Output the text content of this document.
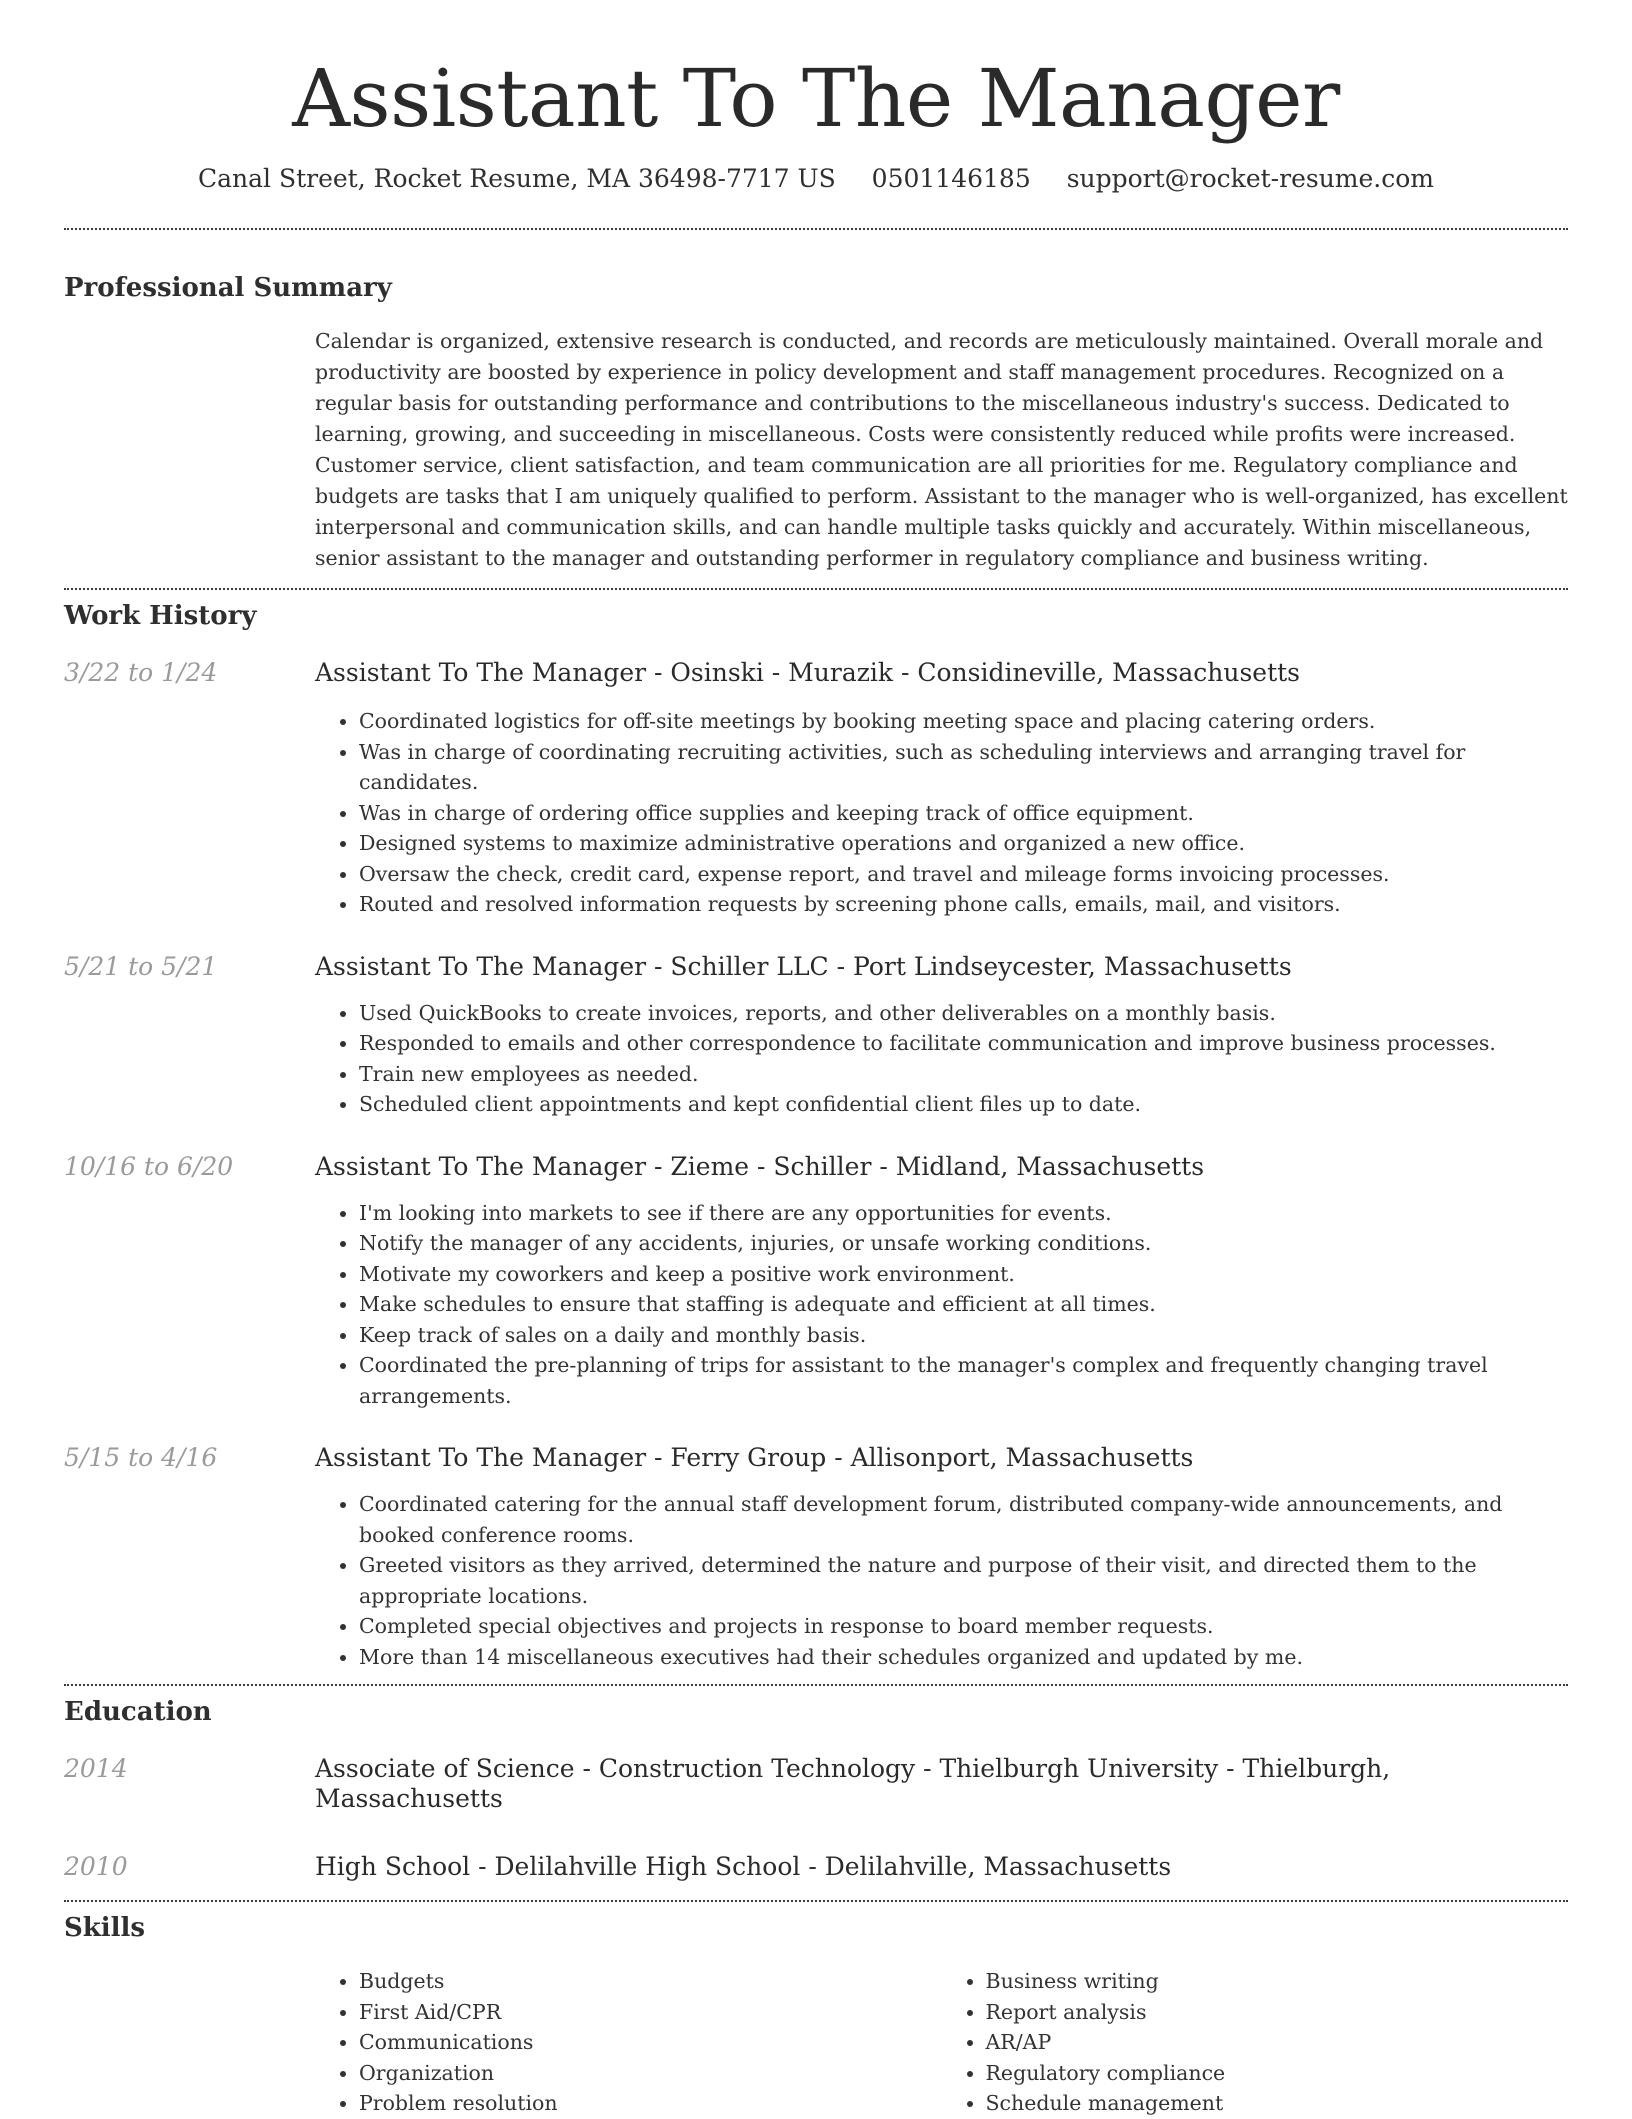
Assistant To The Manager
Canal Street, Rocket Resume, MA 36498-7717 US 0501146185 support@rocket-resume.com
Professional Summary

Calendar is organized, extensive research is conducted, and records are meticulously maintained. Overall morale and productivity are boosted by experience in policy development and staff management procedures. Recognized on a regular basis for outstanding performance and contributions to the miscellaneous industry's success. Dedicated to learning, growing, and succeeding in miscellaneous. Costs were consistently reduced while profits were increased. Customer service, client satisfaction, and team communication are all priorities for me. Regulatory compliance and budgets are tasks that I am uniquely qualified to perform. Assistant to the manager who is well-organized, has excellent interpersonal and communication skills, and can handle multiple tasks quickly and accurately. Within miscellaneous, senior assistant to the manager and outstanding performer in regulatory compliance and business writing.

Work History
3/22 to 1/24	Assistant To The Manager - Osinski - Murazik - Considineville, Massachusetts
• Coordinated logistics for off-site meetings by booking meeting space and placing catering orders.
• Was in charge of coordinating recruiting activities, such as scheduling interviews and arranging travel for candidates.
• Was in charge of ordering office supplies and keeping track of office equipment.
• Designed systems to maximize administrative operations and organized a new office.
• Oversaw the check, credit card, expense report, and travel and mileage forms invoicing processes.
• Routed and resolved information requests by screening phone calls, emails, mail, and visitors.
5/21 to 5/21	Assistant To The Manager - Schiller LLC - Port Lindseycester, Massachusetts
• Used QuickBooks to create invoices, reports, and other deliverables on a monthly basis.
• Responded to emails and other correspondence to facilitate communication and improve business processes.
• Train new employees as needed.
• Scheduled client appointments and kept confidential client files up to date.
10/16 to 6/20	Assistant To The Manager - Zieme - Schiller - Midland, Massachusetts
• I'm looking into markets to see if there are any opportunities for events.
• Notify the manager of any accidents, injuries, or unsafe working conditions.
• Motivate my coworkers and keep a positive work environment.
• Make schedules to ensure that staffing is adequate and efficient at all times.
• Keep track of sales on a daily and monthly basis.
• Coordinated the pre-planning of trips for assistant to the manager's complex and frequently changing travel arrangements.
5/15 to 4/16	Assistant To The Manager - Ferry Group - Allisonport, Massachusetts
• Coordinated catering for the annual staff development forum, distributed company-wide announcements, and booked conference rooms.
• Greeted visitors as they arrived, determined the nature and purpose of their visit, and directed them to the appropriate locations.
• Completed special objectives and projects in response to board member requests.
• More than 14 miscellaneous executives had their schedules organized and updated by me.
Education
2014	Associate of Science - Construction Technology - Thielburgh University - Thielburgh, Massachusetts
2010	High School - Delilahville High School - Delilahville, Massachusetts
Skills
• Budgets
• First Aid/CPR
• Communications
• Organization
• Problem resolution
• Business writing
• Report analysis
• AR/AP
• Regulatory compliance
• Schedule management
